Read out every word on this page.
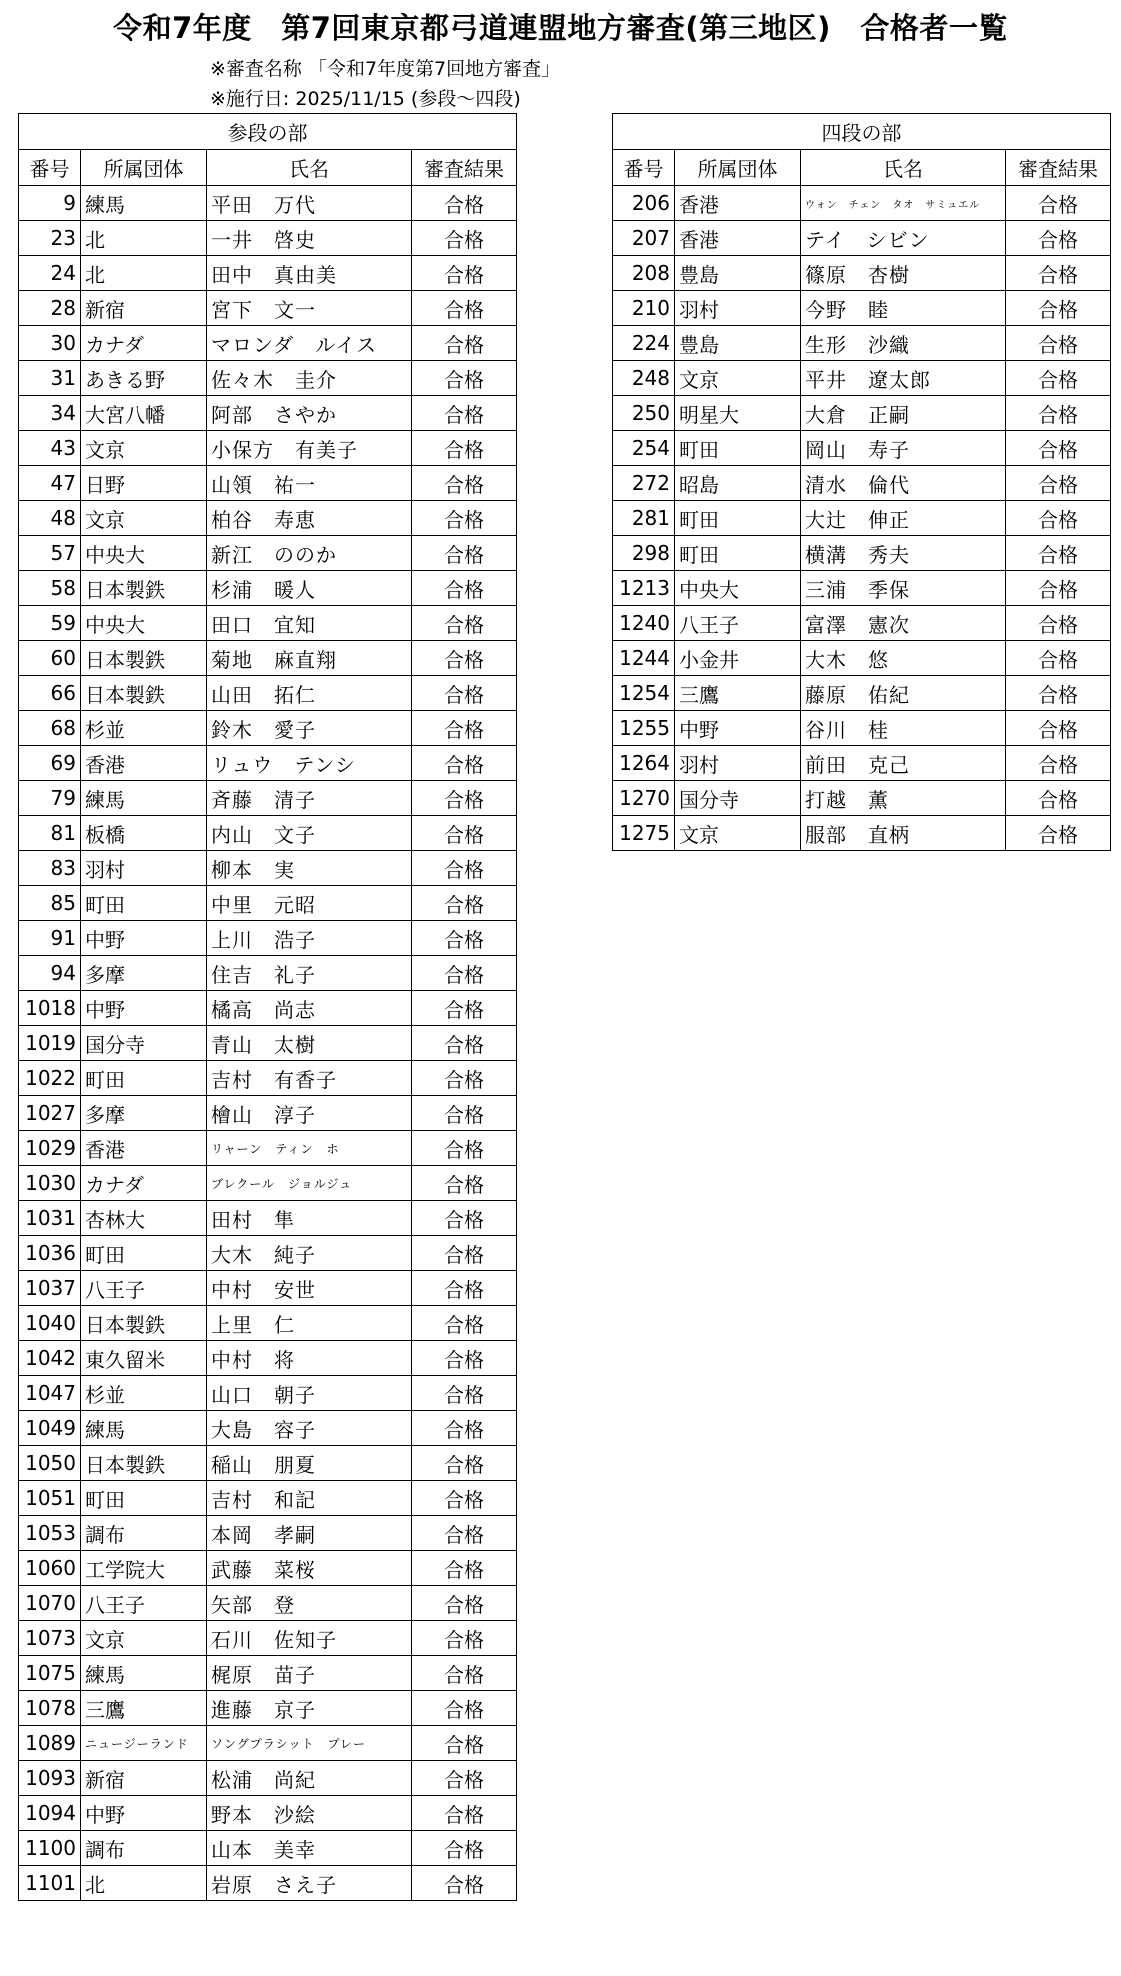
令和7年度　第7回東京都弓道連盟地方審査(第三地区)　合格者一覧
※審査名称 「令和7年度第7回地方審査」
※施行日: 2025/11/15 (参段〜四段)
参段の部			
番号	所属団体	氏名	審査結果
9	練馬	平田　万代	合格
23	北	一井　啓史	合格
24	北	田中　真由美	合格
28	新宿	宮下　文一	合格
30	カナダ	マロンダ　ルイス	合格
31	あきる野	佐々木　圭介	合格
34	大宮八幡	阿部　さやか	合格
43	文京	小保方　有美子	合格
47	日野	山領　祐一	合格
48	文京	柏谷　寿恵	合格
57	中央大	新江　ののか	合格
58	日本製鉄	杉浦　暖人	合格
59	中央大	田口　宜知	合格
60	日本製鉄	菊地　麻直翔	合格
66	日本製鉄	山田　拓仁	合格
68	杉並	鈴木　愛子	合格
69	香港	リュウ　テンシ	合格
79	練馬	斉藤　清子	合格
81	板橋	内山　文子	合格
83	羽村	柳本　実	合格
85	町田	中里　元昭	合格
91	中野	上川　浩子	合格
94	多摩	住吉　礼子	合格
1018	中野	橘高　尚志	合格
1019	国分寺	青山　太樹	合格
1022	町田	吉村　有香子	合格
1027	多摩	檜山　淳子	合格
1029	香港	リャーン　ティン　ホ	合格
1030	カナダ	ブレクール　ジョルジュ	合格
1031	杏林大	田村　隼	合格
1036	町田	大木　純子	合格
1037	八王子	中村　安世	合格
1040	日本製鉄	上里　仁	合格
1042	東久留米	中村　将	合格
1047	杉並	山口　朝子	合格
1049	練馬	大島　容子	合格
1050	日本製鉄	稲山　朋夏	合格
1051	町田	吉村　和記	合格
1053	調布	本岡　孝嗣	合格
1060	工学院大	武藤　菜桜	合格
1070	八王子	矢部　登	合格
1073	文京	石川　佐知子	合格
1075	練馬	梶原　苗子	合格
1078	三鷹	進藤　京子	合格
1089	ニュージーランド	ソングプラシット　プレー	合格
1093	新宿	松浦　尚紀	合格
1094	中野	野本　沙絵	合格
1100	調布	山本　美幸	合格
1101	北	岩原　さえ子	合格
四段の部			
番号	所属団体	氏名	審査結果
206	香港	ウォン　チェン　タオ　サミュエル	合格
207	香港	テイ　シビン	合格
208	豊島	篠原　杏樹	合格
210	羽村	今野　睦	合格
224	豊島	生形　沙織	合格
248	文京	平井　遼太郎	合格
250	明星大	大倉　正嗣	合格
254	町田	岡山　寿子	合格
272	昭島	清水　倫代	合格
281	町田	大辻　伸正	合格
298	町田	横溝　秀夫	合格
1213	中央大	三浦　季保	合格
1240	八王子	富澤　憲次	合格
1244	小金井	大木　悠	合格
1254	三鷹	藤原　佑紀	合格
1255	中野	谷川　桂	合格
1264	羽村	前田　克己	合格
1270	国分寺	打越　薫	合格
1275	文京	服部　直柄	合格
